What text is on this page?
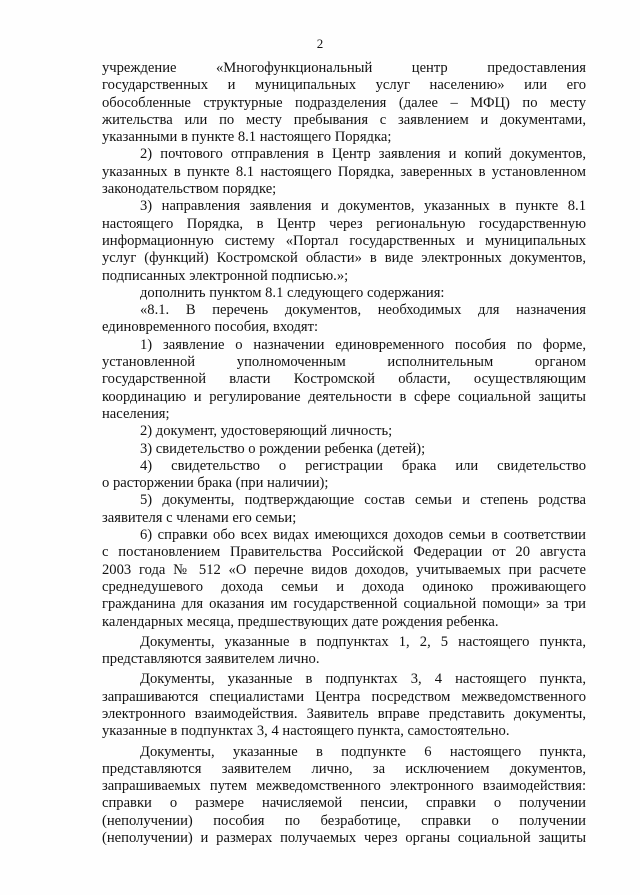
2
учреждение «Многофункциональный центр предоставления
государственных и муниципальных услуг населению» или его
обособленные структурные подразделения (далее – МФЦ) по месту
жительства или по месту пребывания с заявлением и документами,
указанными в пункте 8.1 настоящего Порядка;
2) почтового отправления в Центр заявления и копий документов,
указанных в пункте 8.1 настоящего Порядка, заверенных в установленном
законодательством порядке;
3) направления заявления и документов, указанных в пункте 8.1
настоящего Порядка, в Центр через региональную государственную
информационную систему «Портал государственных и муниципальных
услуг (функций) Костромской области» в виде электронных документов,
подписанных электронной подписью.»;
дополнить пунктом 8.1 следующего содержания:
«8.1. В перечень документов, необходимых для назначения
единовременного пособия, входят:
1) заявление о назначении единовременного пособия по форме,
установленной уполномоченным исполнительным органом
государственной власти Костромской области, осуществляющим
координацию и регулирование деятельности в сфере социальной защиты
населения;
2) документ, удостоверяющий личность;
3) свидетельство о рождении ребенка (детей);
4) свидетельство о регистрации брака или свидетельство
о расторжении брака (при наличии);
5) документы, подтверждающие состав семьи и степень родства
заявителя с членами его семьи;
6) справки обо всех видах имеющихся доходов семьи в соответствии
с постановлением Правительства Российской Федерации от 20 августа
2003 года № 512 «О перечне видов доходов, учитываемых при расчете
среднедушевого дохода семьи и дохода одиноко проживающего
гражданина для оказания им государственной социальной помощи» за три
календарных месяца, предшествующих дате рождения ребенка.
Документы, указанные в подпунктах 1, 2, 5 настоящего пункта,
представляются заявителем лично.
Документы, указанные в подпунктах 3, 4 настоящего пункта,
запрашиваются специалистами Центра посредством межведомственного
электронного взаимодействия. Заявитель вправе представить документы,
указанные в подпунктах 3, 4 настоящего пункта, самостоятельно.
Документы, указанные в подпункте 6 настоящего пункта,
представляются заявителем лично, за исключением документов,
запрашиваемых путем межведомственного электронного взаимодействия:
справки о размере начисляемой пенсии, справки о получении
(неполучении) пособия по безработице, справки о получении
(неполучении) и размерах получаемых через органы социальной защиты
